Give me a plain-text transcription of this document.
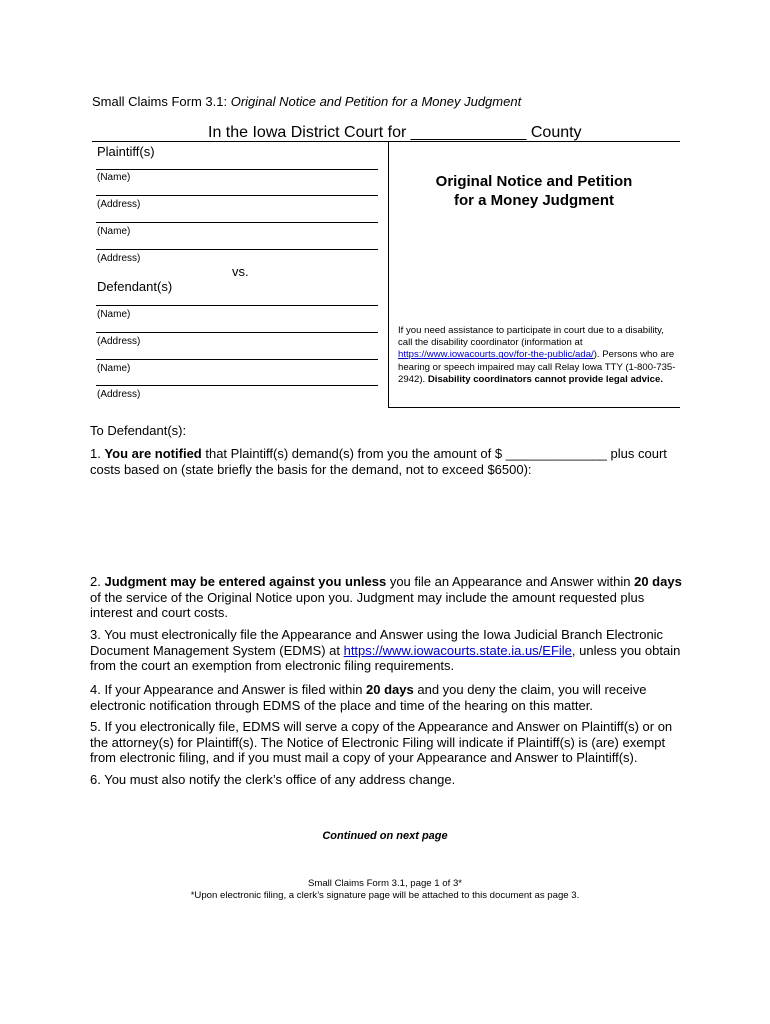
Small Claims Form 3.1: Original Notice and Petition for a Money Judgment
In the Iowa District Court for _____________ County
Plaintiff(s)
(Name)
(Address)
(Name)
(Address)
vs.
Defendant(s)
(Name)
(Address)
(Name)
(Address)
Original Notice and Petition
for a Money Judgment
If you need assistance to participate in court due to a disability, call the disability coordinator (information at https://www.iowacourts.gov/for-the-public/ada/). Persons who are hearing or speech impaired may call Relay Iowa TTY (1-800-735-2942). Disability coordinators cannot provide legal advice.
To Defendant(s):
1. You are notified that Plaintiff(s) demand(s) from you the amount of $ ______________ plus court costs based on (state briefly the basis for the demand, not to exceed $6500):
2. Judgment may be entered against you unless you file an Appearance and Answer within 20 days of the service of the Original Notice upon you. Judgment may include the amount requested plus interest and court costs.
3. You must electronically file the Appearance and Answer using the Iowa Judicial Branch Electronic Document Management System (EDMS) at https://www.iowacourts.state.ia.us/EFile, unless you obtain from the court an exemption from electronic filing requirements.
4. If your Appearance and Answer is filed within 20 days and you deny the claim, you will receive electronic notification through EDMS of the place and time of the hearing on this matter.
5. If you electronically file, EDMS will serve a copy of the Appearance and Answer on Plaintiff(s) or on the attorney(s) for Plaintiff(s). The Notice of Electronic Filing will indicate if Plaintiff(s) is (are) exempt from electronic filing, and if you must mail a copy of your Appearance and Answer to Plaintiff(s).
6. You must also notify the clerk’s office of any address change.
Continued on next page
Small Claims Form 3.1, page 1 of 3*
*Upon electronic filing, a clerk’s signature page will be attached to this document as page 3.
